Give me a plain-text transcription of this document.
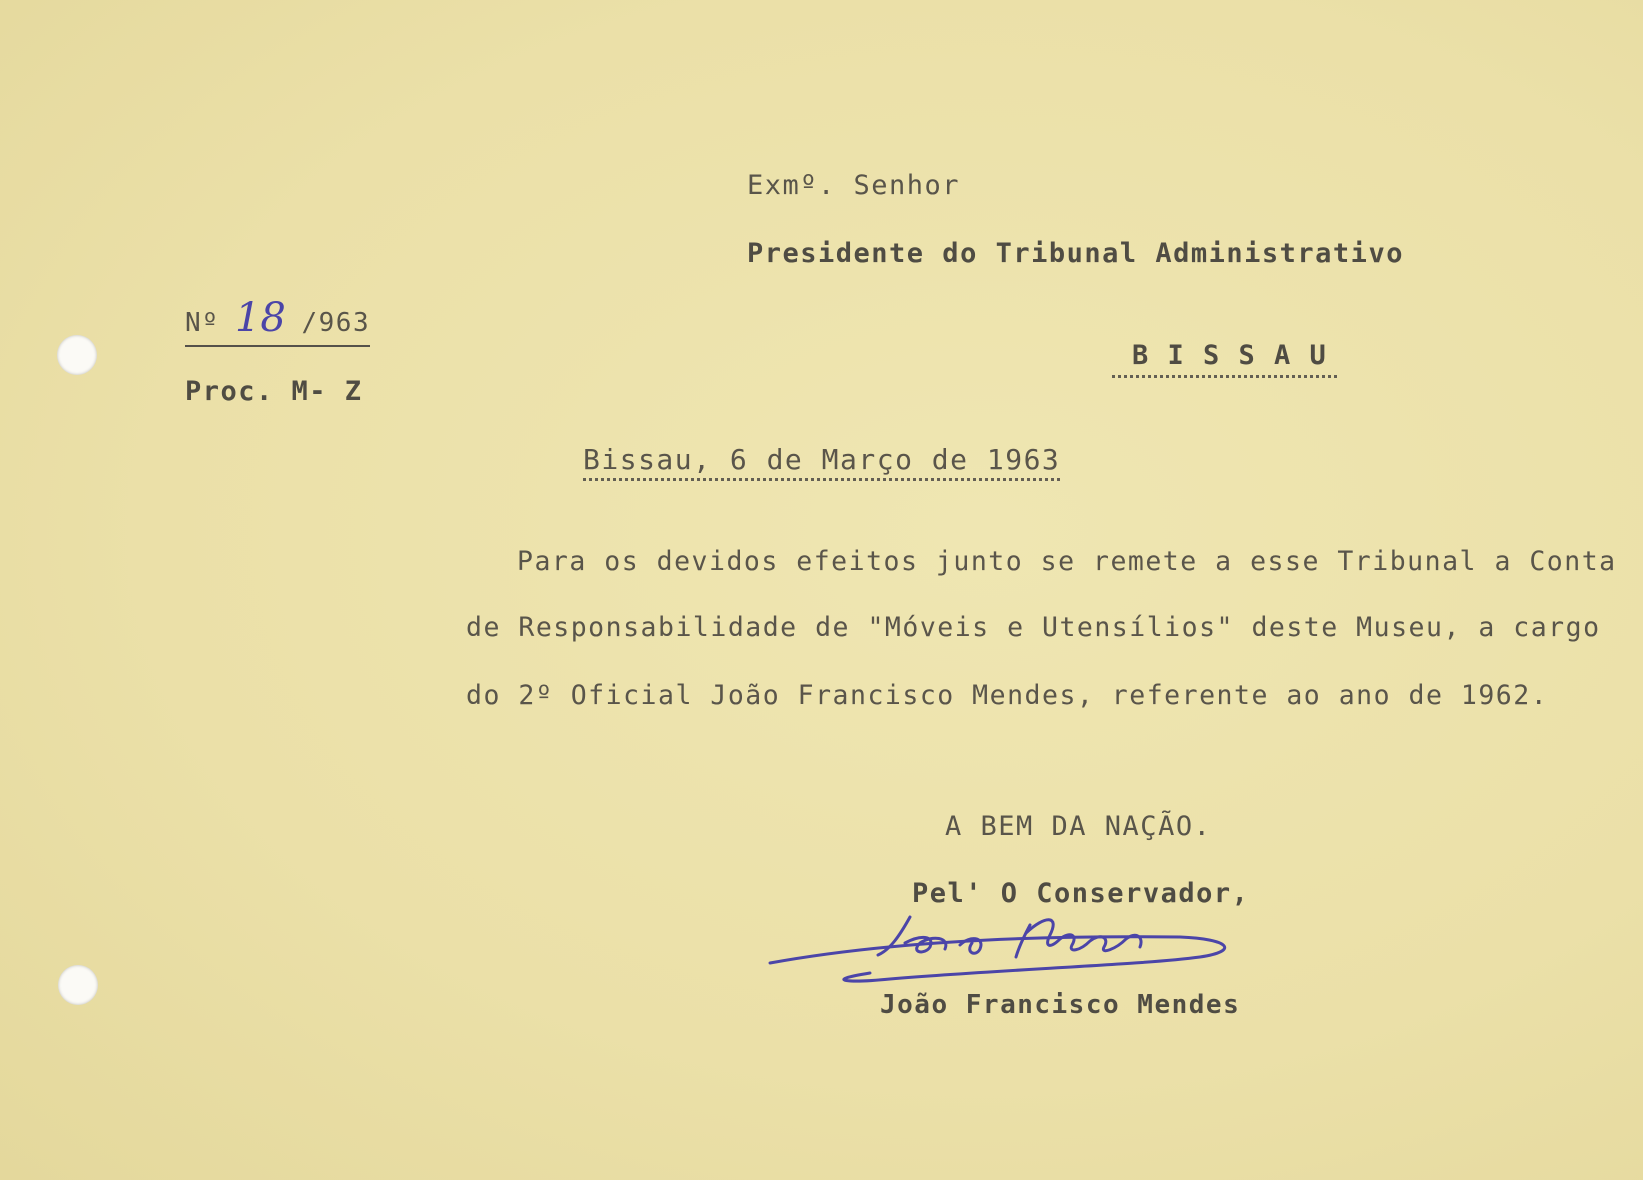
Exmº. Senhor
Presidente do Tribunal Administrativo
Nº 18 /963
B I S S A U
Proc. M- Z
Bissau, 6 de Março de 1963
Para os devidos efeitos junto se remete a esse Tribunal a Conta
de Responsabilidade de "Móveis e Utensílios" deste Museu, a cargo
do 2º Oficial João Francisco Mendes, referente ao ano de 1962.
A BEM DA NAÇÃO.
Pel' O Conservador,
João Francisco Mendes
